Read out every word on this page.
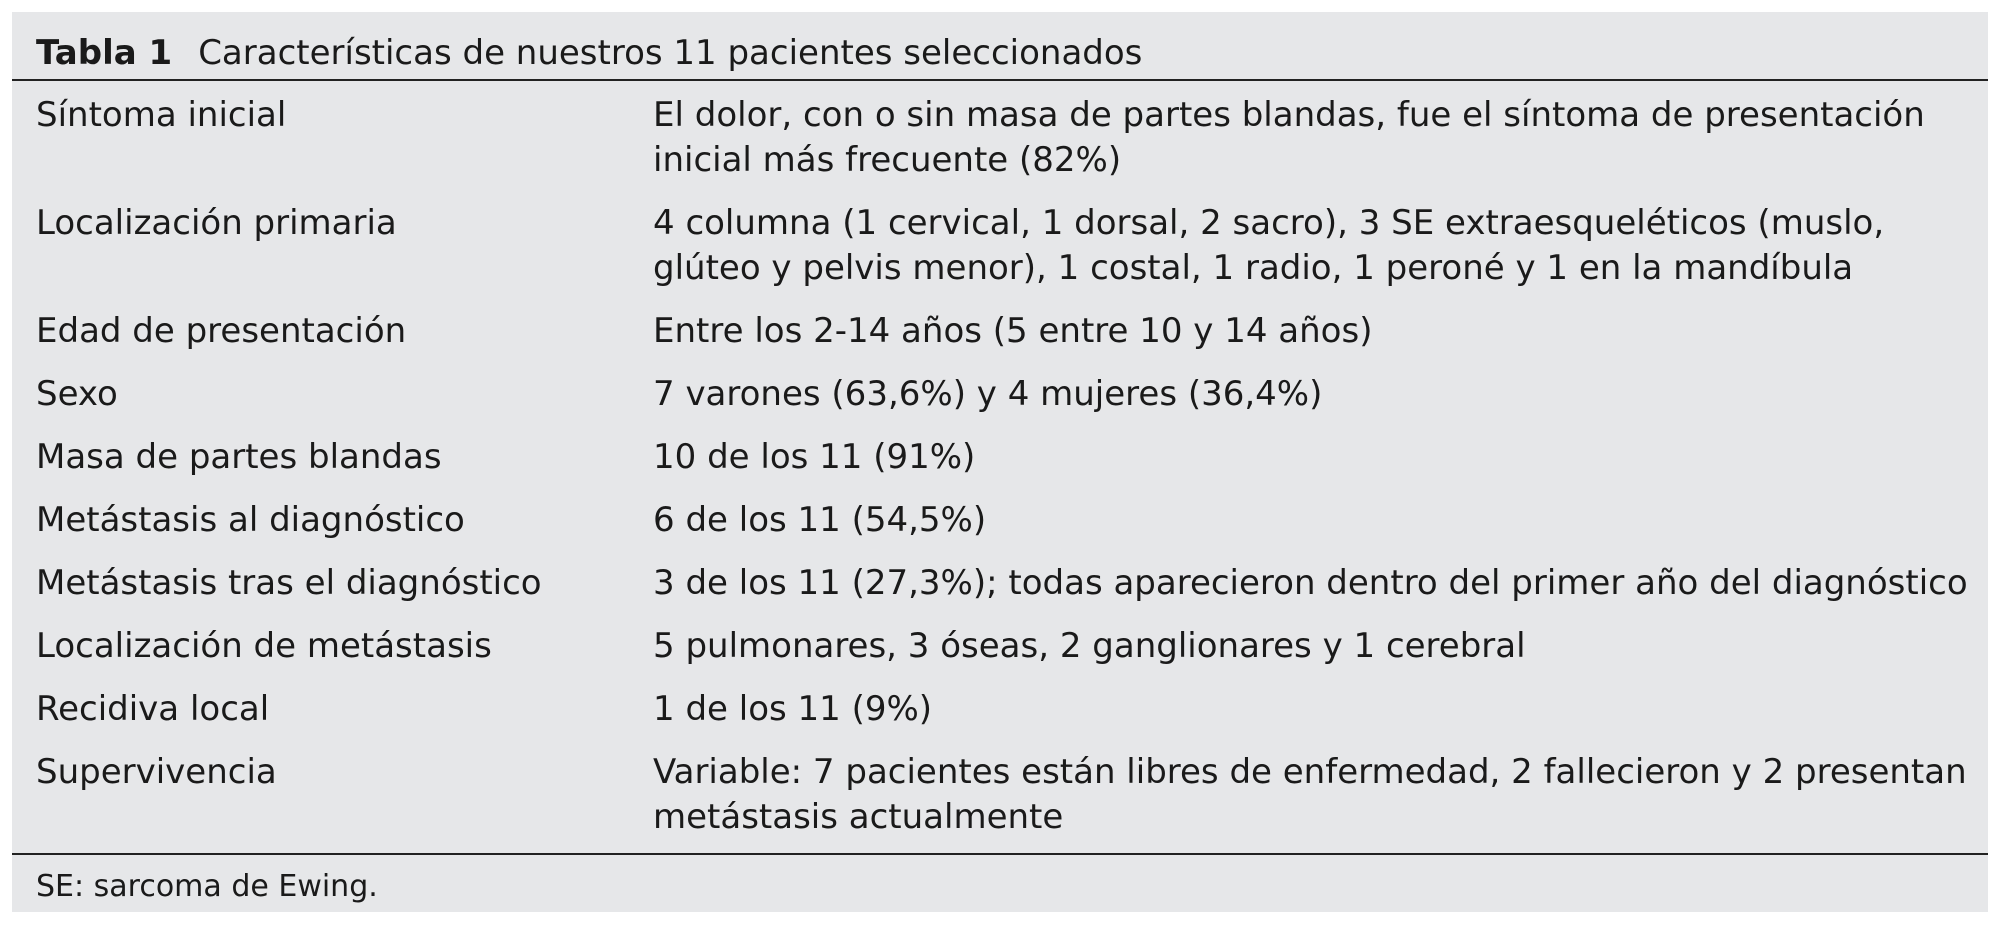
Tabla 1 Características de nuestros 11 pacientes seleccionados
Síntoma inicial	El dolor, con o sin masa de partes blandas, fue el síntoma de presentación
inicial más frecuente (82%)
Localización primaria	4 columna (1 cervical, 1 dorsal, 2 sacro), 3 SE extraesqueléticos (muslo,
glúteo y pelvis menor), 1 costal, 1 radio, 1 peroné y 1 en la mandíbula
Edad de presentación	Entre los 2-14 años (5 entre 10 y 14 años)
Sexo	7 varones (63,6%) y 4 mujeres (36,4%)
Masa de partes blandas	10 de los 11 (91%)
Metástasis al diagnóstico	6 de los 11 (54,5%)
Metástasis tras el diagnóstico	3 de los 11 (27,3%); todas aparecieron dentro del primer año del diagnóstico
Localización de metástasis	5 pulmonares, 3 óseas, 2 ganglionares y 1 cerebral
Recidiva local	1 de los 11 (9%)
Supervivencia	Variable: 7 pacientes están libres de enfermedad, 2 fallecieron y 2 presentan
metástasis actualmente
SE: sarcoma de Ewing.
